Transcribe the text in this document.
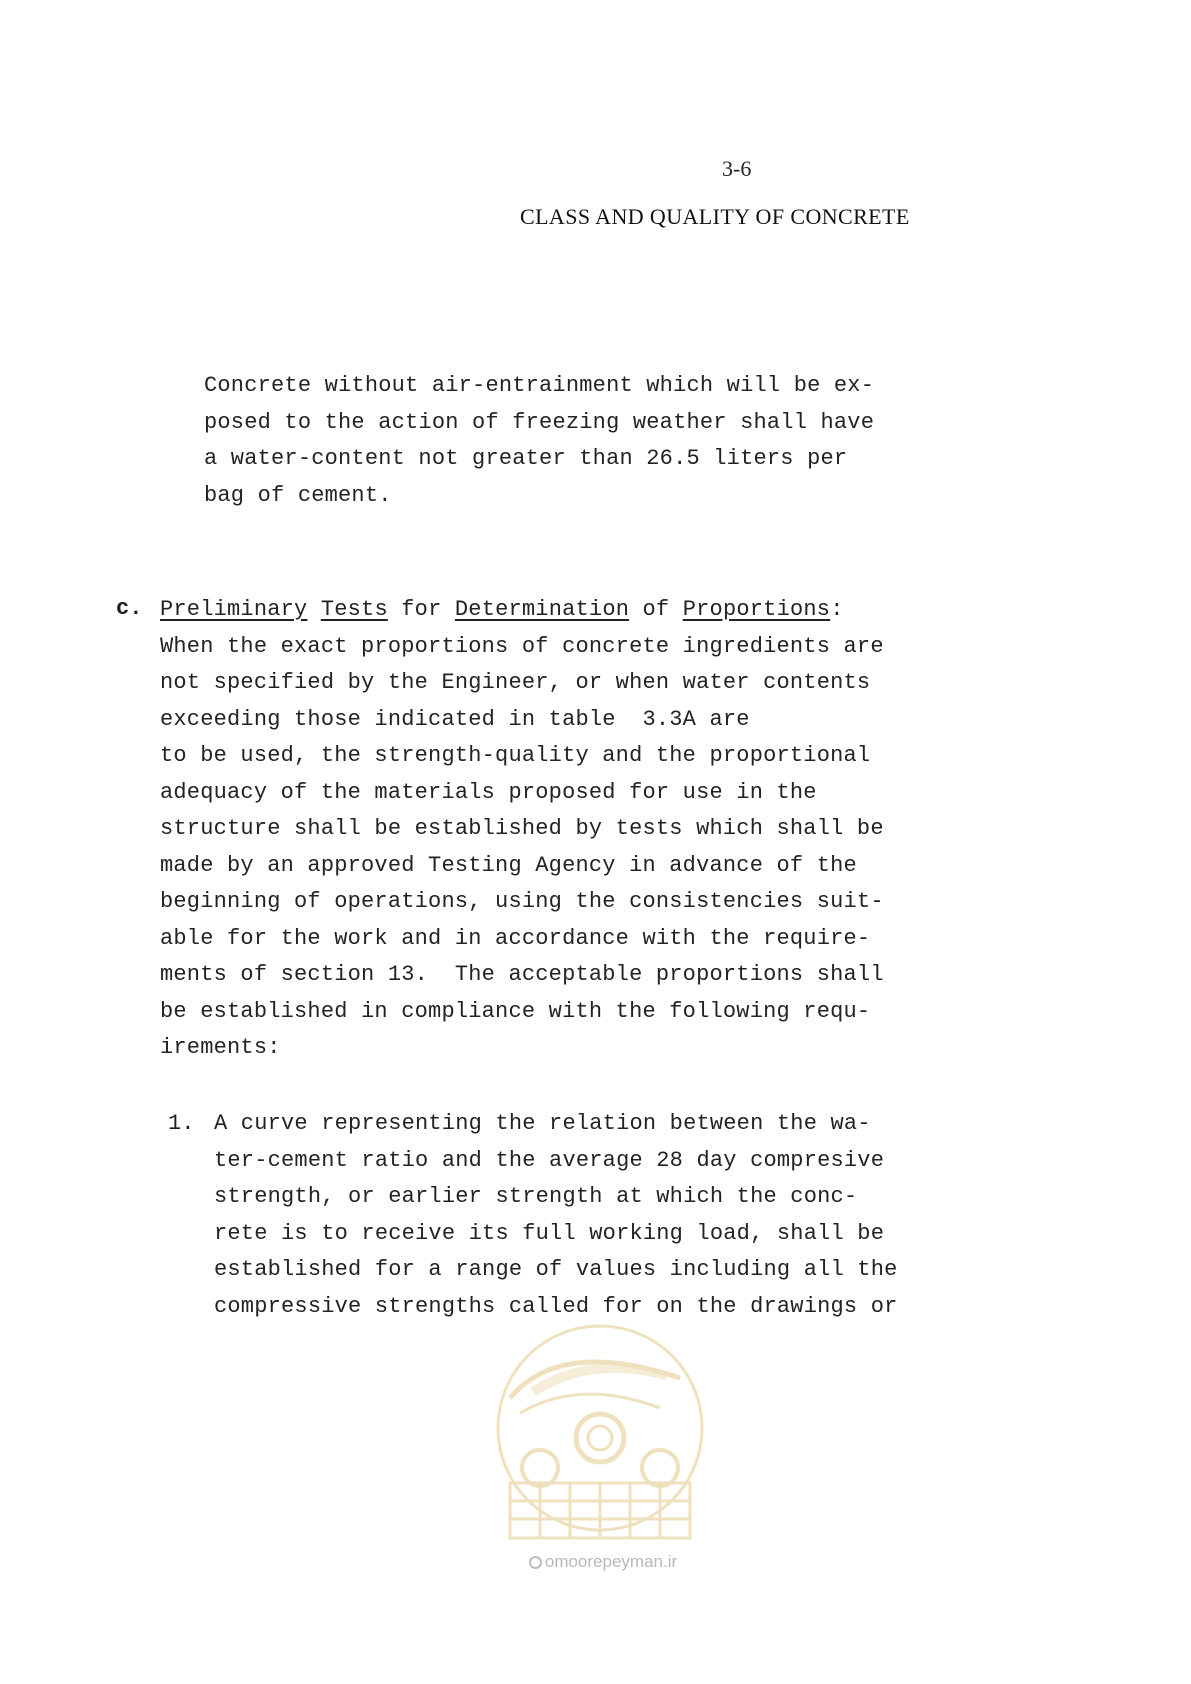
3-6
CLASS AND QUALITY OF CONCRETE
Concrete without air-entrainment which will be ex-
posed to the action of freezing weather shall have
a water-content not greater than 26.5 liters per
bag of cement.
c. Preliminary Tests for Determination of Proportions:
When the exact proportions of concrete ingredients are
not specified by the Engineer, or when water contents
exceeding those indicated in table  3.3A are
to be used, the strength-quality and the proportional
adequacy of the materials proposed for use in the
structure shall be established by tests which shall be
made by an approved Testing Agency in advance of the
beginning of operations, using the consistencies suit-
able for the work and in accordance with the require-
ments of section 13.  The acceptable proportions shall
be established in compliance with the following requ-
irements:
1. A curve representing the relation between the wa-
ter-cement ratio and the average 28 day compresive
strength, or earlier strength at which the conc-
rete is to receive its full working load, shall be
established for a range of values including all the
compressive strengths called for on the drawings or
omoorepeyman.ir
